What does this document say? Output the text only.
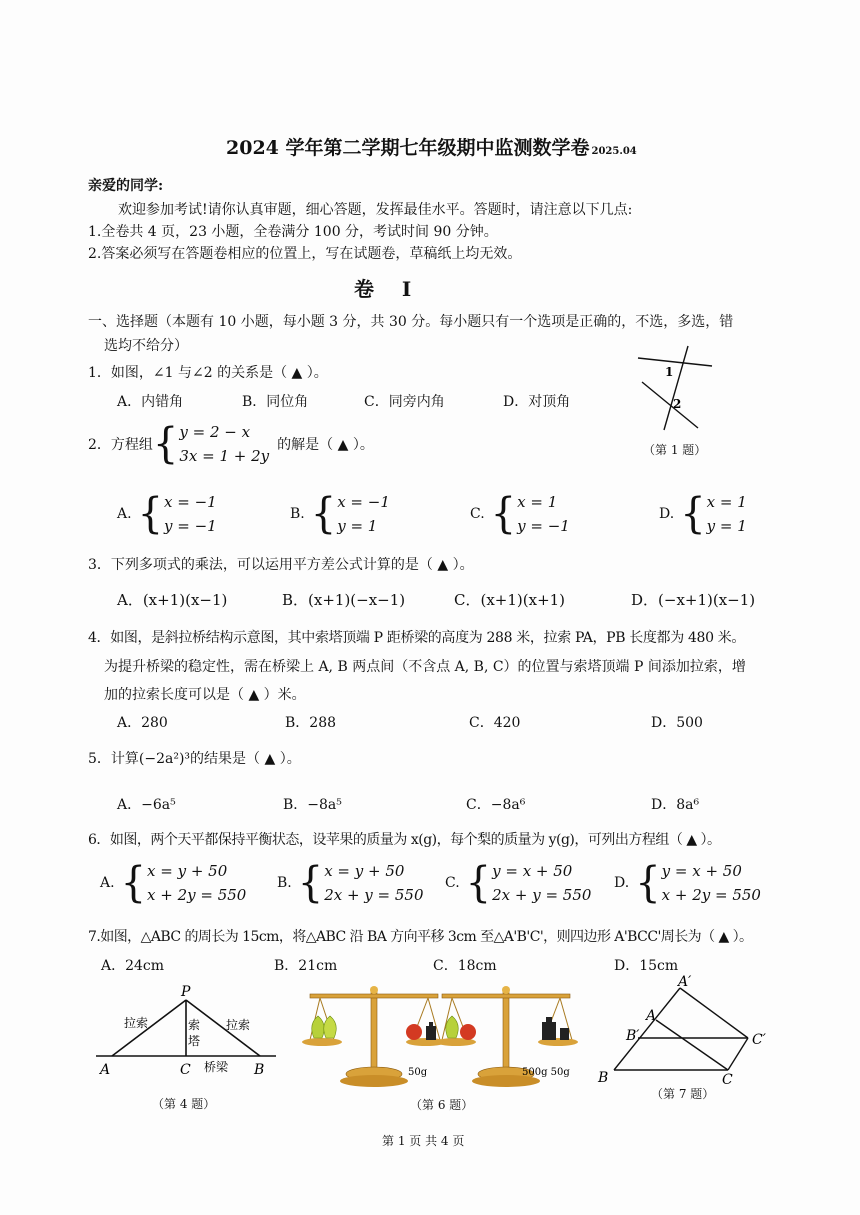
2024 学年第二学期七年级期中监测数学卷 2025.04
亲爱的同学:
欢迎参加考试!请你认真审题，细心答题，发挥最佳水平。答题时，请注意以下几点:
1.全卷共 4 页，23 小题，全卷满分 100 分，考试时间 90 分钟。
2.答案必须写在答题卷相应的位置上，写在试题卷，草稿纸上均无效。
卷    Ⅰ
一、选择题（本题有 10 小题，每小题 3 分，共 30 分。每小题只有一个选项是正确的，不选，多选，错
选均不给分）
1．如图，∠1 与∠2 的关系是（ ▲ ）。
A．内错角	B．同位角	C．同旁内角	D．对顶角
1
2
（第 1 题）
2．方程组{ y = 2 − x
3x = 1 + 2y
的解是（ ▲ ）。
A. { x = −1
y = −1
B. { x = −1
y = 1
C. { x = 1
y = −1
D. { x = 1
y = 1
3．下列多项式的乘法，可以运用平方差公式计算的是（ ▲ ）。
A．(x+1)(x−1)	B．(x+1)(−x−1)	C．(x+1)(x+1)	D．(−x+1)(x−1)
4．如图，是斜拉桥结构示意图，其中索塔顶端 P 距桥梁的高度为 288 米，拉索 PA，PB 长度都为 480 米。
为提升桥梁的稳定性，需在桥梁上 A, B 两点间（不含点 A, B, C）的位置与索塔顶端 P 间添加拉索，增
加的拉索长度可以是（ ▲ ）米。
A．280	B．288	C．420	D．500
5．计算(−2a²)³的结果是（ ▲ ）。
A．−6a⁵	B．−8a⁵	C．−8a⁶	D．8a⁶
6．如图，两个天平都保持平衡状态，设苹果的质量为 x(g)，每个梨的质量为 y(g)，可列出方程组（ ▲ ）。
A. { x = y + 50
x + 2y = 550
B. { x = y + 50
2x + y = 550
C. { y = x + 50
2x + y = 550
D. { y = x + 50
x + 2y = 550
7.如图，△ABC 的周长为 15cm，将△ABC 沿 BA 方向平移 3cm 至△A'B'C'，则四边形 A'BCC'周长为（ ▲ ）。
A．24cm	B．21cm	C．18cm	D．15cm
P
A	C	B
拉索	拉索
索
塔
桥梁
（第 4 题）
50g	500g 50g
（第 6 题）
A′
A
B′	C′
B	C
（第 7 题）
第 1 页 共 4 页
